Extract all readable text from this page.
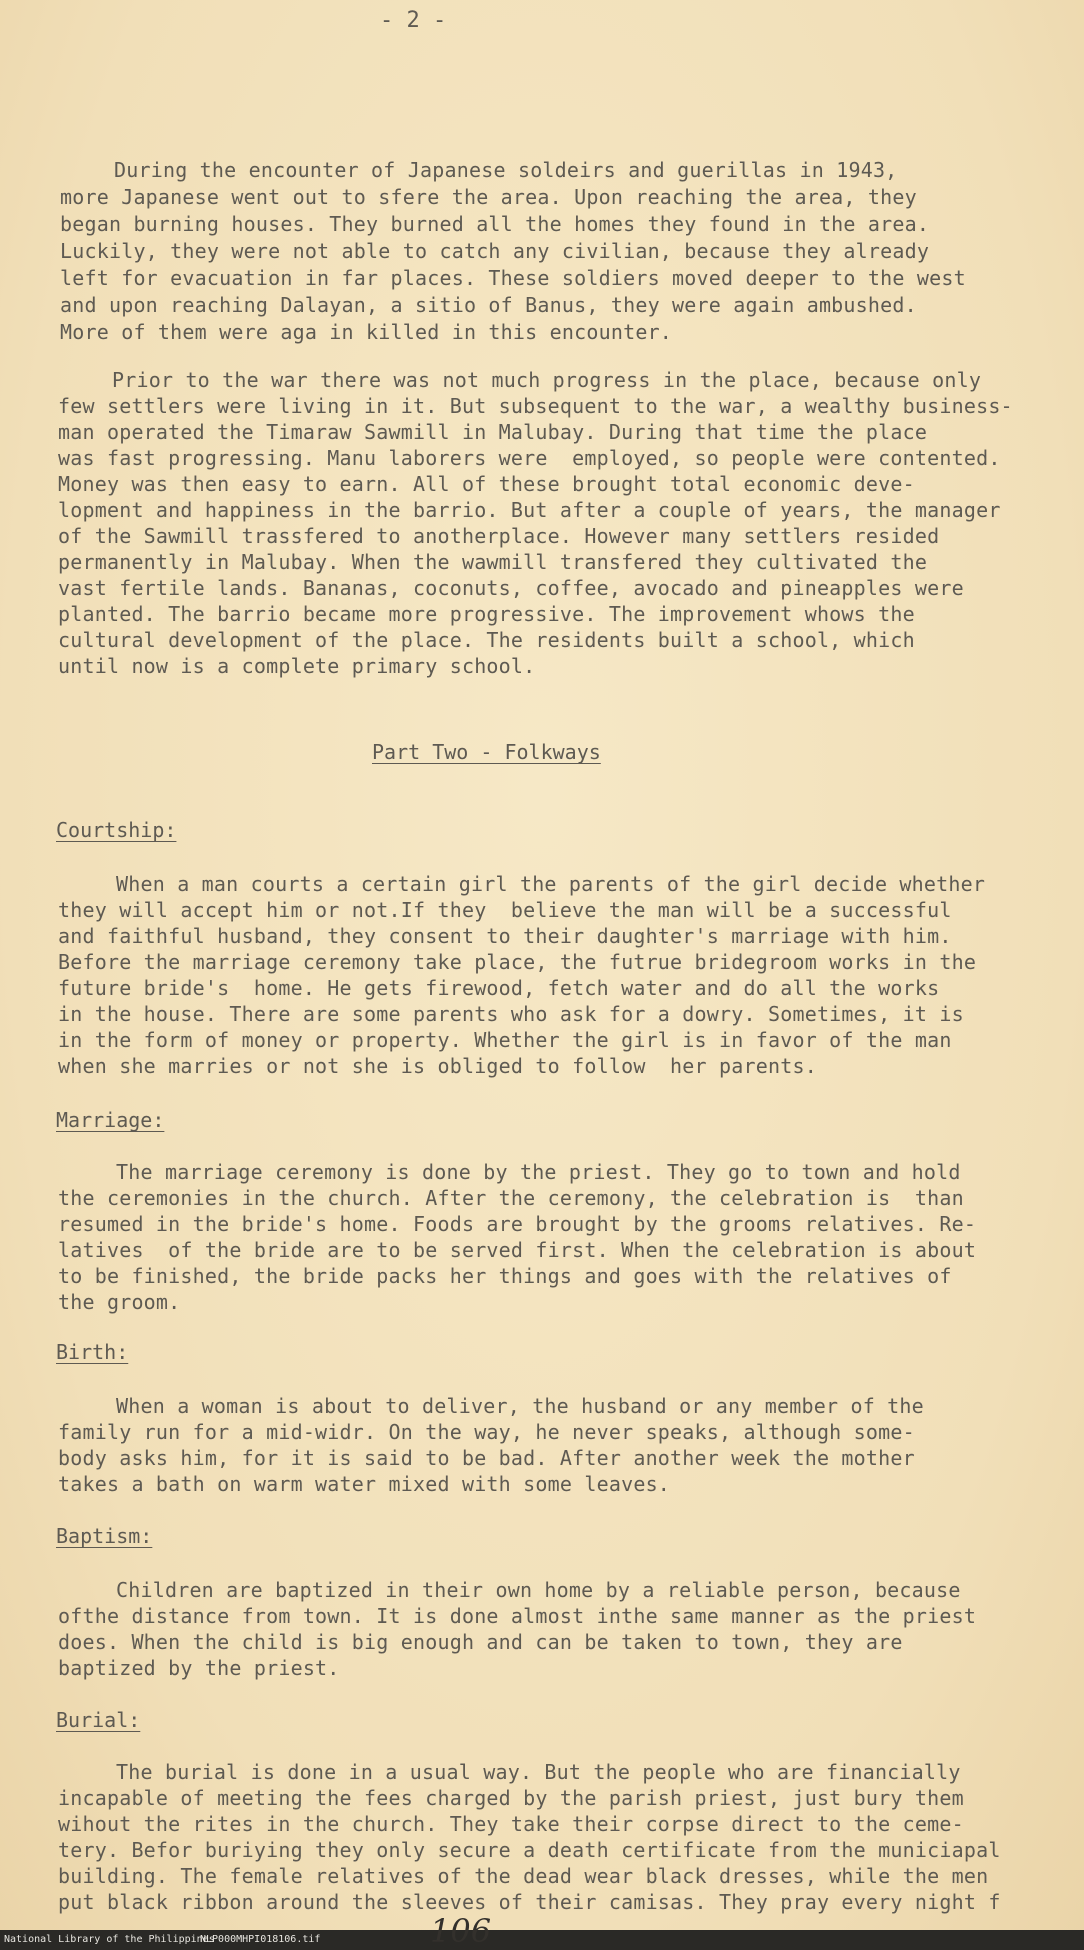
- 2 -
During the encounter of Japanese soldeirs and guerillas in 1943,
more Japanese went out to sfere the area. Upon reaching the area, they
began burning houses. They burned all the homes they found in the area.
Luckily, they were not able to catch any civilian, because they already
left for evacuation in far places. These soldiers moved deeper to the west
and upon reaching Dalayan, a sitio of Banus, they were again ambushed.
More of them were aga in killed in this encounter.
Prior to the war there was not much progress in the place, because only
few settlers were living in it. But subsequent to the war, a wealthy business-
man operated the Timaraw Sawmill in Malubay. During that time the place
was fast progressing. Manu laborers were  employed, so people were contented.
Money was then easy to earn. All of these brought total economic deve-
lopment and happiness in the barrio. But after a couple of years, the manager
of the Sawmill trassfered to anotherplace. However many settlers resided
permanently in Malubay. When the wawmill transfered they cultivated the
vast fertile lands. Bananas, coconuts, coffee, avocado and pineapples were
planted. The barrio became more progressive. The improvement whows the
cultural development of the place. The residents built a school, which
until now is a complete primary school.
Part Two - Folkways
Courtship:
When a man courts a certain girl the parents of the girl decide whether
they will accept him or not.If they  believe the man will be a successful
and faithful husband, they consent to their daughter's marriage with him.
Before the marriage ceremony take place, the futrue bridegroom works in the
future bride's  home. He gets firewood, fetch water and do all the works
in the house. There are some parents who ask for a dowry. Sometimes, it is
in the form of money or property. Whether the girl is in favor of the man
when she marries or not she is obliged to follow  her parents.
Marriage:
The marriage ceremony is done by the priest. They go to town and hold
the ceremonies in the church. After the ceremony, the celebration is  than
resumed in the bride's home. Foods are brought by the grooms relatives. Re-
latives  of the bride are to be served first. When the celebration is about
to be finished, the bride packs her things and goes with the relatives of
the groom.
Birth:
When a woman is about to deliver, the husband or any member of the
family run for a mid-widr. On the way, he never speaks, although some-
body asks him, for it is said to be bad. After another week the mother
takes a bath on warm water mixed with some leaves.
Baptism:
Children are baptized in their own home by a reliable person, because
ofthe distance from town. It is done almost inthe same manner as the priest
does. When the child is big enough and can be taken to town, they are
baptized by the priest.
Burial:
The burial is done in a usual way. But the people who are financially
incapable of meeting the fees charged by the parish priest, just bury them
wihout the rites in the church. They take their corpse direct to the ceme-
tery. Befor buriying they only secure a death certificate from the municiapal
building. The female relatives of the dead wear black dresses, while the men
put black ribbon around the sleeves of their camisas. They pray every night f
106
National Library of the Philippines
NLP000MHPI018106.tif
